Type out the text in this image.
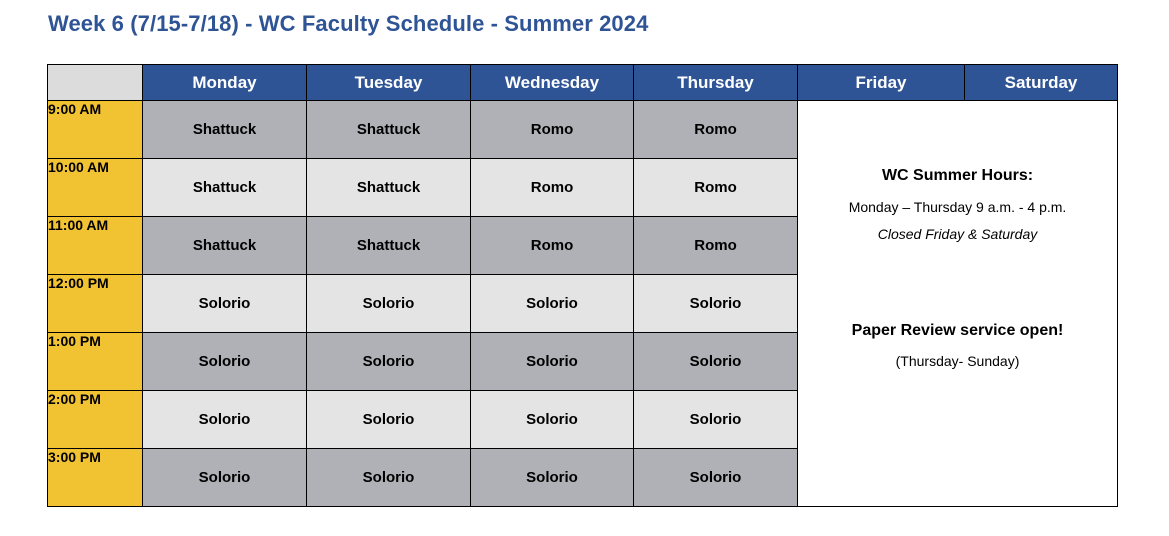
Week 6 (7/15-7/18) - WC Faculty Schedule - Summer 2024
	Monday	Tuesday	Wednesday	Thursday	Friday	Saturday
9:00 AM	Shattuck	Shattuck	Romo	Romo	WC Summer Hours:
Monday – Thursday 9 a.m. - 4 p.m.
Closed Friday & Saturday
Paper Review service open!
(Thursday- Sunday)	

10:00 AM	Shattuck	Shattuck	Romo	Romo		
11:00 AM	Shattuck	Shattuck	Romo	Romo		
12:00 PM	Solorio	Solorio	Solorio	Solorio		
1:00 PM	Solorio	Solorio	Solorio	Solorio		
2:00 PM	Solorio	Solorio	Solorio	Solorio		
3:00 PM	Solorio	Solorio	Solorio	Solorio		
